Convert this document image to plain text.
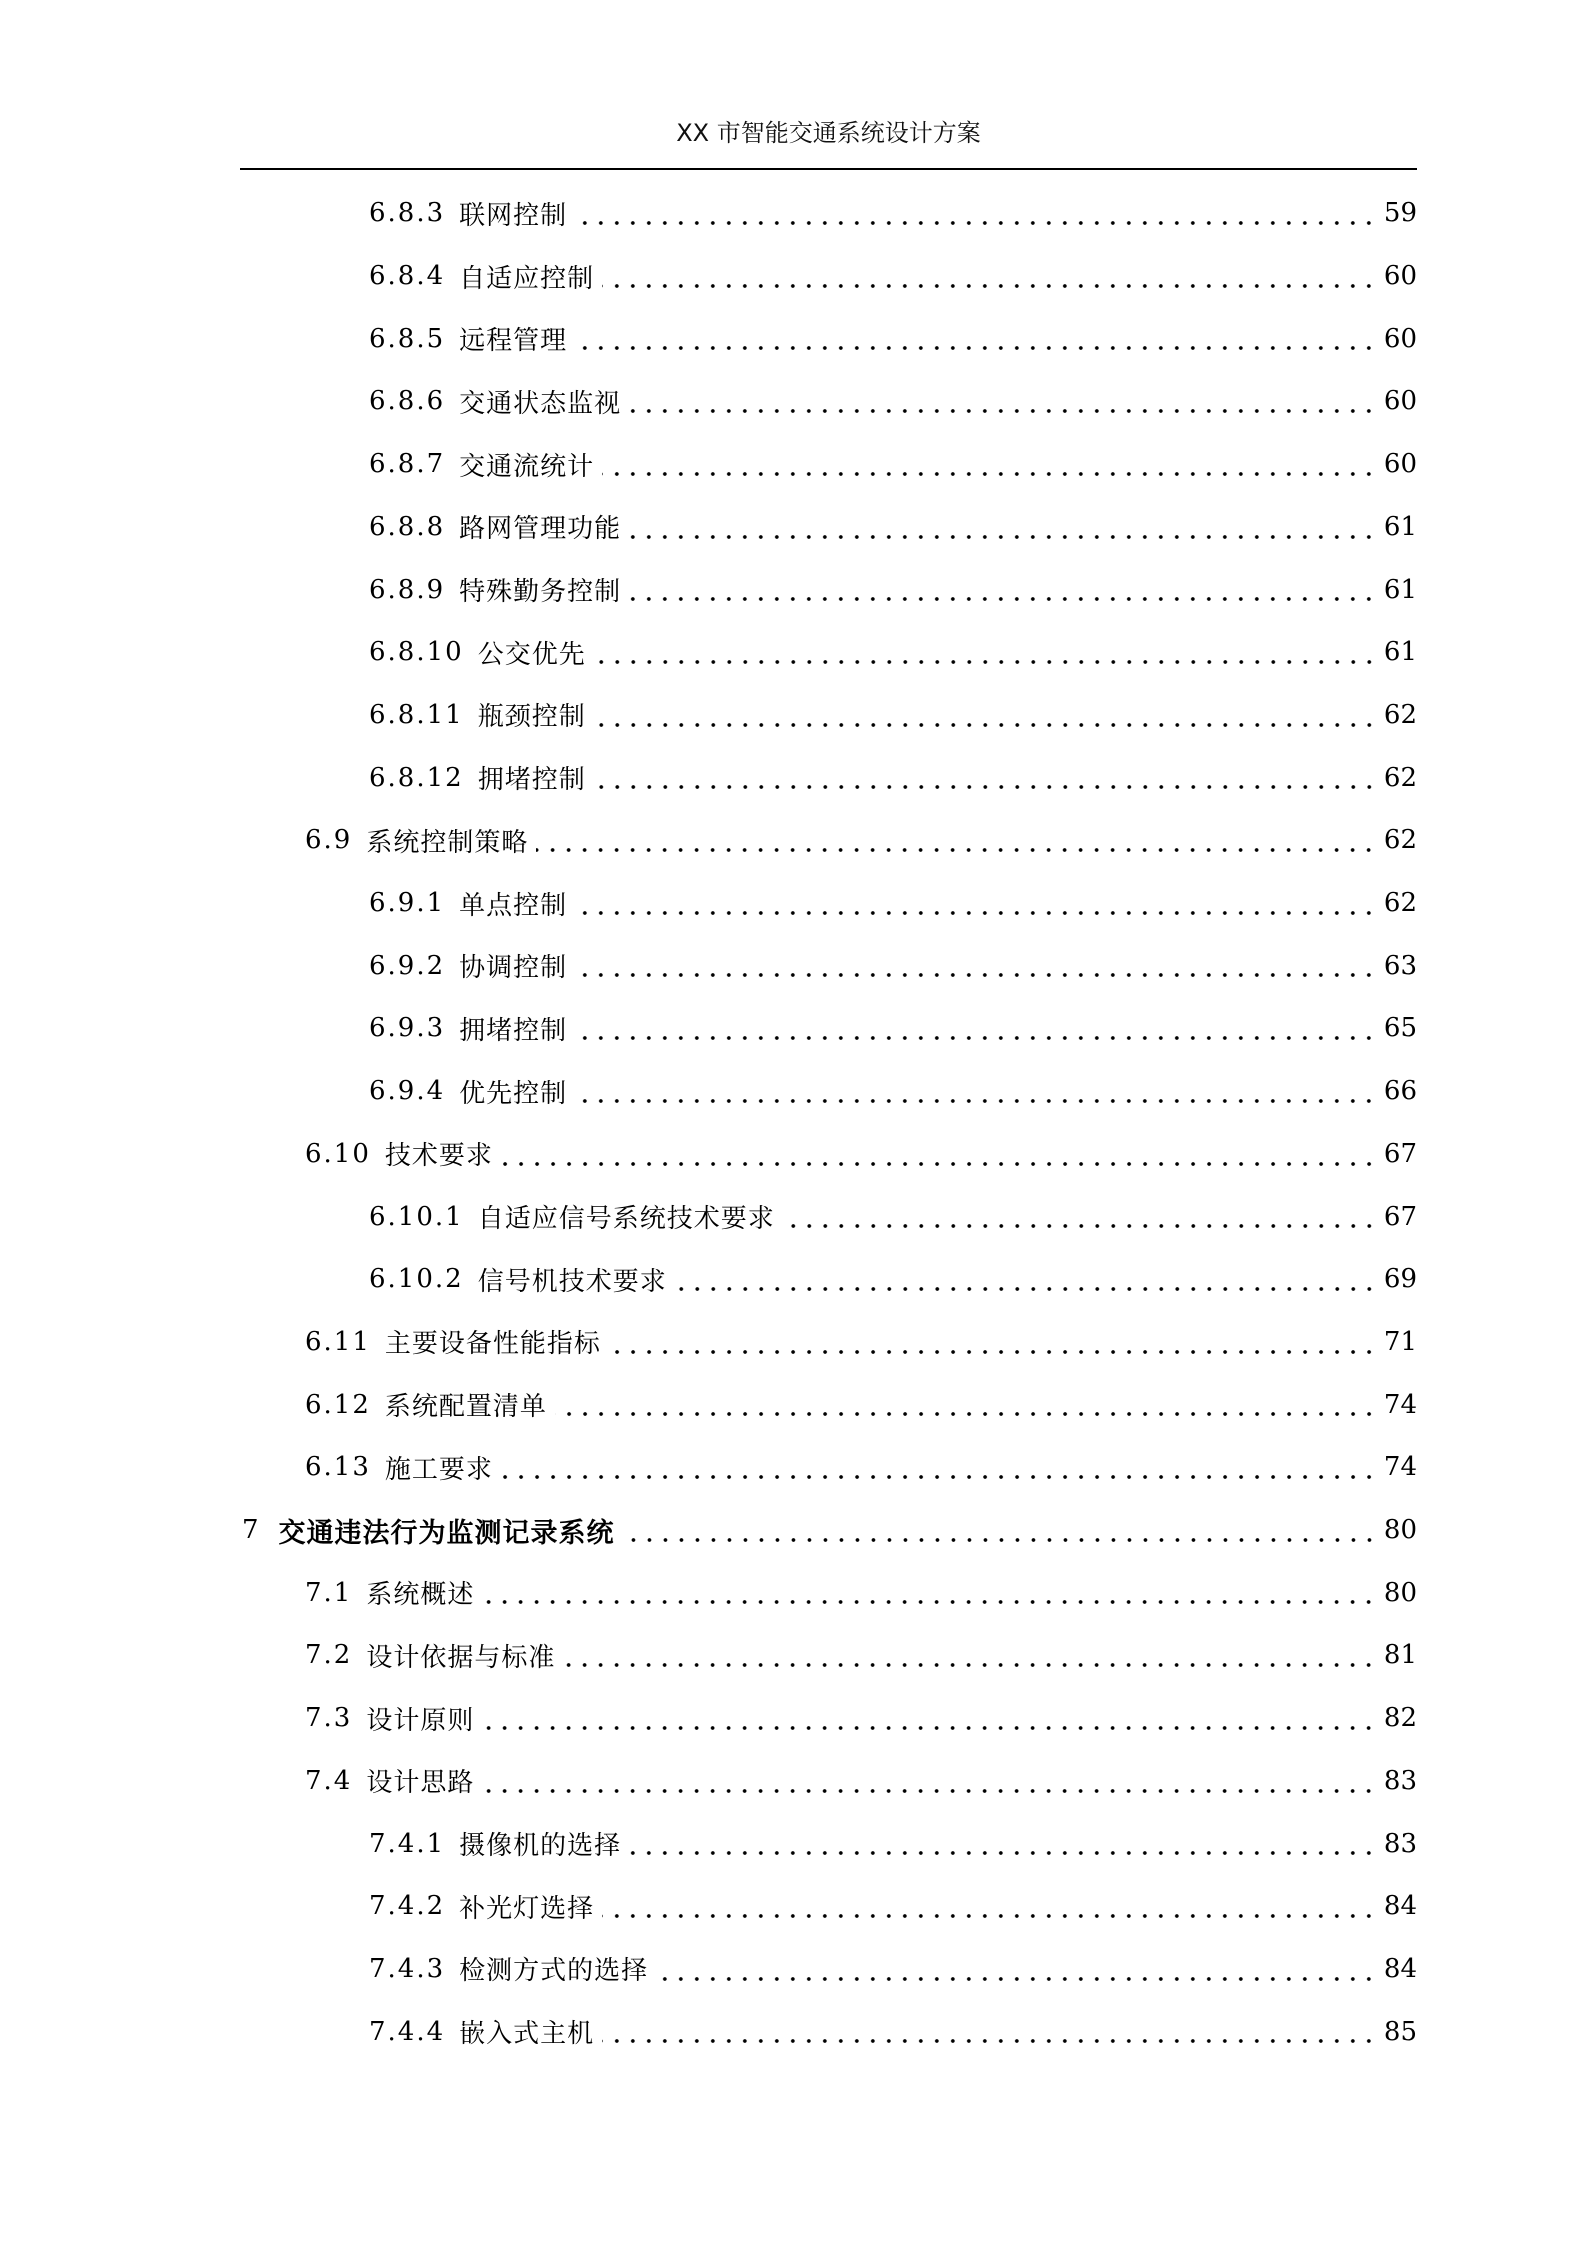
XX 市智能交通系统设计方案
6.8.3 联网控制	59
6.8.4 自适应控制	60
6.8.5 远程管理	60
6.8.6 交通状态监视	60
6.8.7 交通流统计	60
6.8.8 路网管理功能	61
6.8.9 特殊勤务控制	61
6.8.10 公交优先	61
6.8.11 瓶颈控制	62
6.8.12 拥堵控制	62
6.9 系统控制策略	62
6.9.1 单点控制	62
6.9.2 协调控制	63
6.9.3 拥堵控制	65
6.9.4 优先控制	66
6.10 技术要求	67
6.10.1 自适应信号系统技术要求	67
6.10.2 信号机技术要求	69
6.11 主要设备性能指标	71
6.12 系统配置清单	74
6.13 施工要求	74
7 交通违法行为监测记录系统	80
7.1 系统概述	80
7.2 设计依据与标准	81
7.3 设计原则	82
7.4 设计思路	83
7.4.1 摄像机的选择	83
7.4.2 补光灯选择	84
7.4.3 检测方式的选择	84
7.4.4 嵌入式主机	85
